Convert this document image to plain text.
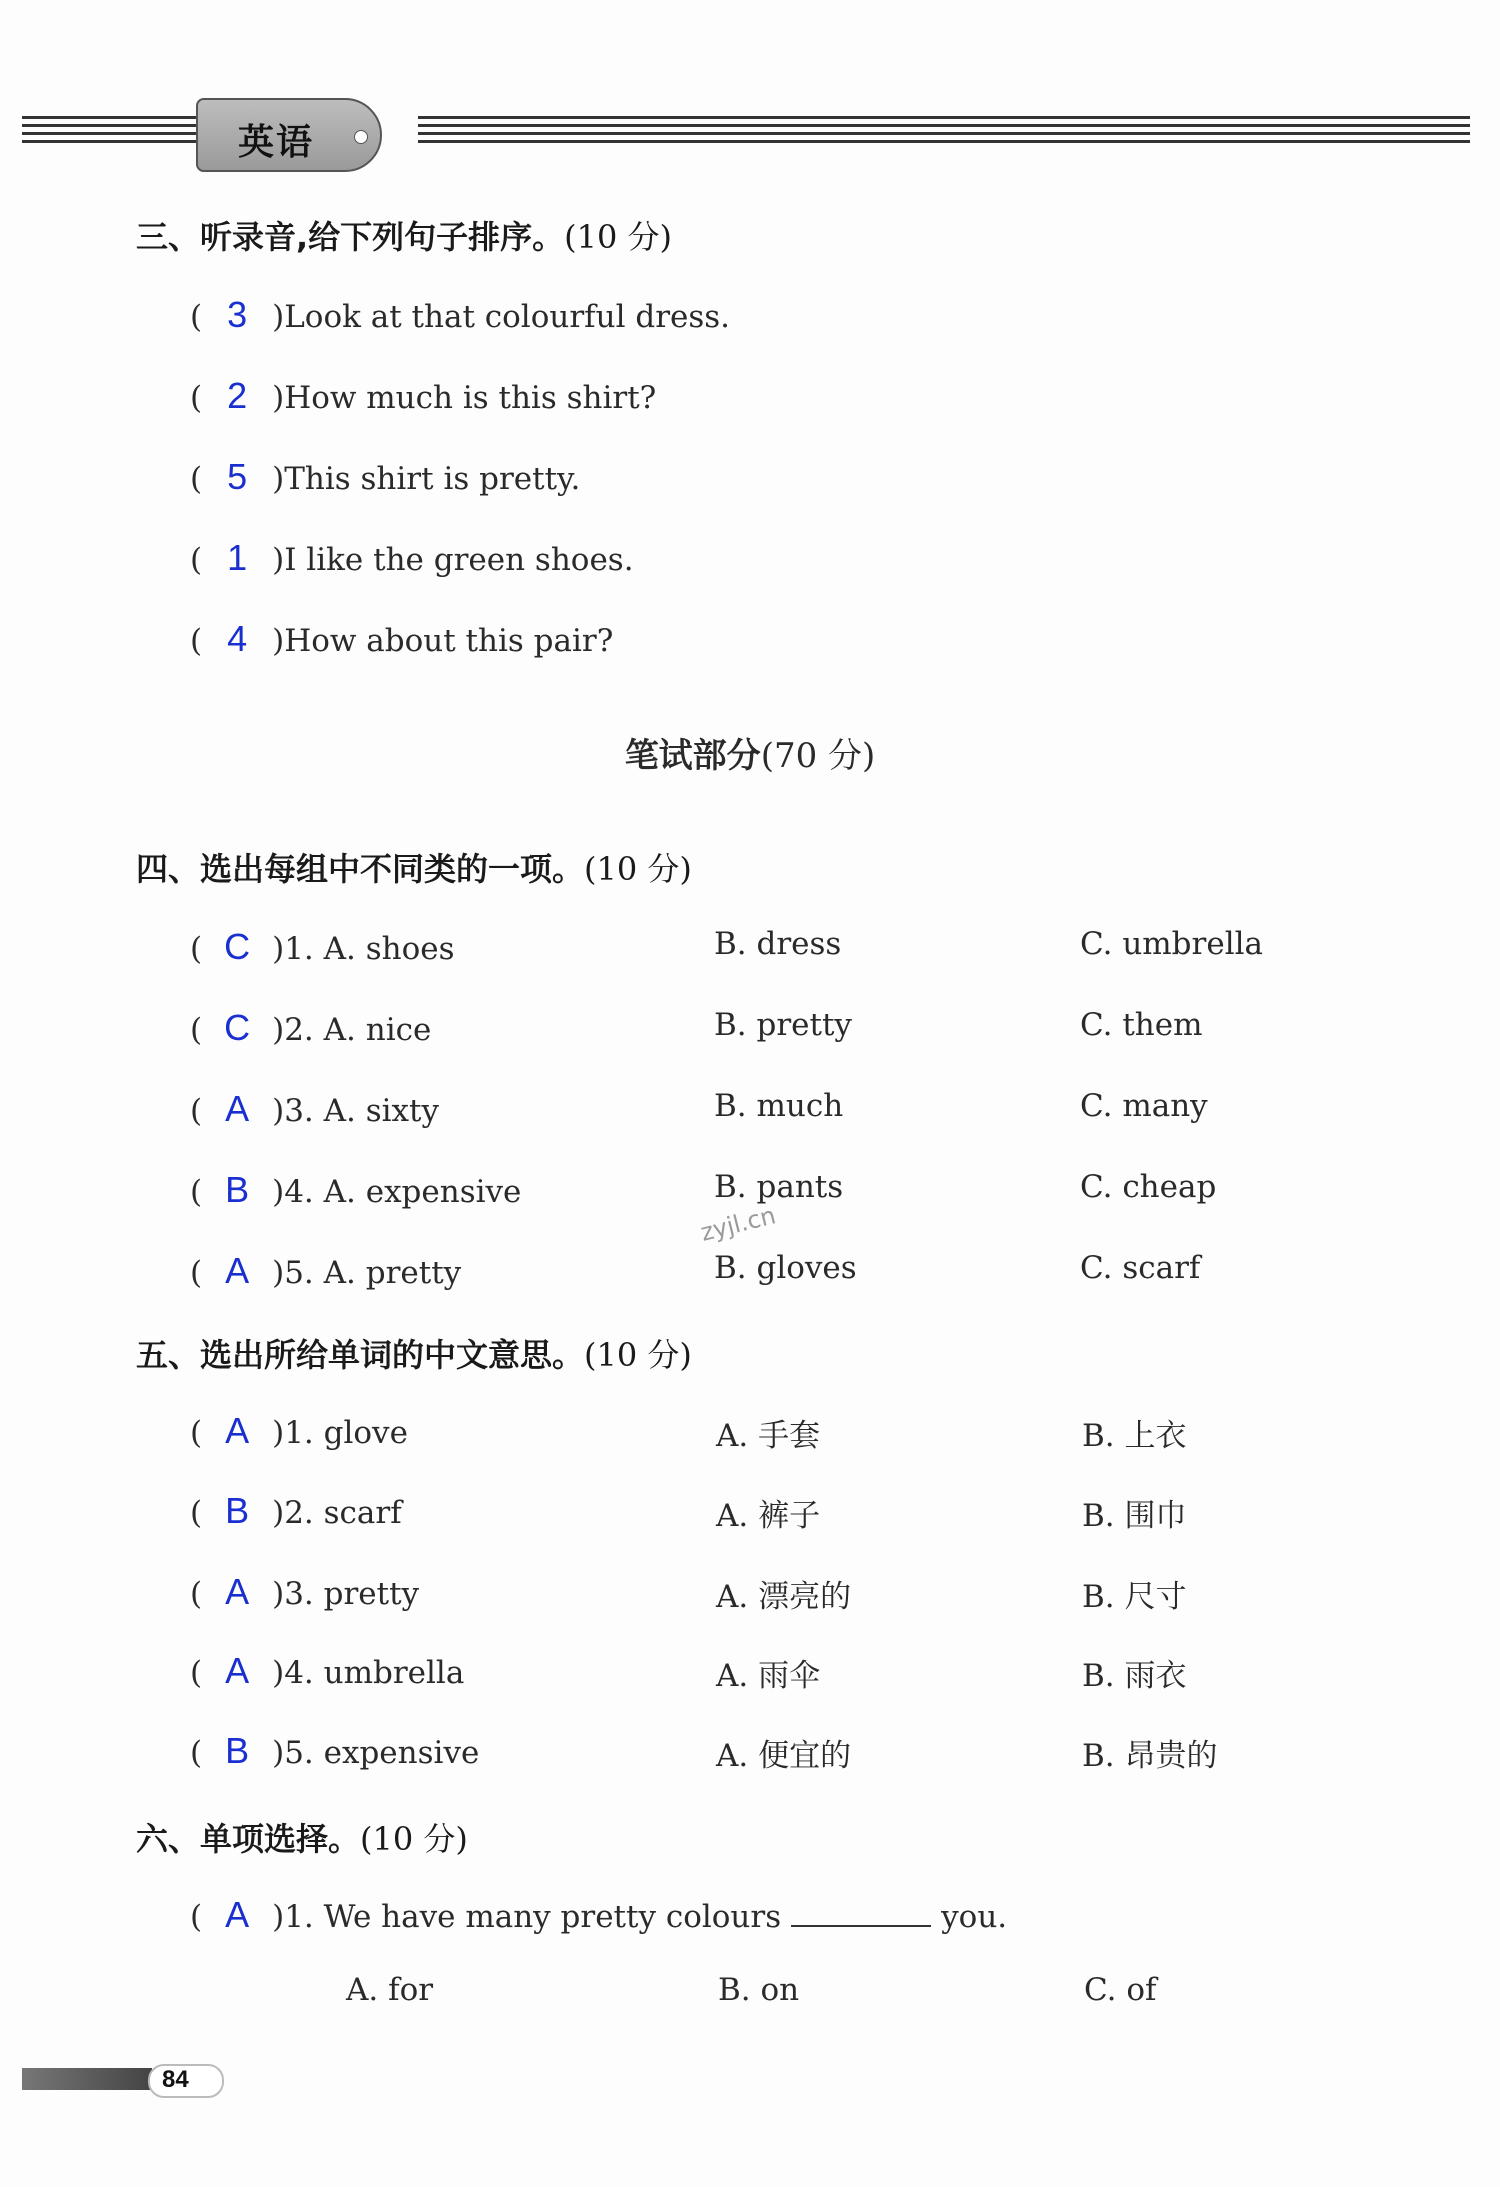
英语
三、听录音,给下列句子排序。(10 分)
( 3 )Look at that colourful dress.
( 2 )How much is this shirt?
( 5 )This shirt is pretty.
( 1 )I like the green shoes.
( 4 )How about this pair?
笔试部分(70 分)
四、选出每组中不同类的一项。(10 分)
( C )1. A. shoes	B. dress	C. umbrella
( C )2. A. nice	B. pretty	C. them
( A )3. A. sixty	B. much	C. many
( B )4. A. expensive	B. pants	C. cheap
( A )5. A. pretty	B. gloves	C. scarf
zyjl.cn
五、选出所给单词的中文意思。(10 分)
( A )1. glove	A. 手套	B. 上衣
( B )2. scarf	A. 裤子	B. 围巾
( A )3. pretty	A. 漂亮的	B. 尺寸
( A )4. umbrella	A. 雨伞	B. 雨衣
( B )5. expensive	A. 便宜的	B. 昂贵的
六、单项选择。(10 分)
( A )1. We have many pretty colours	you.
A. for	B. on	C. of
84
